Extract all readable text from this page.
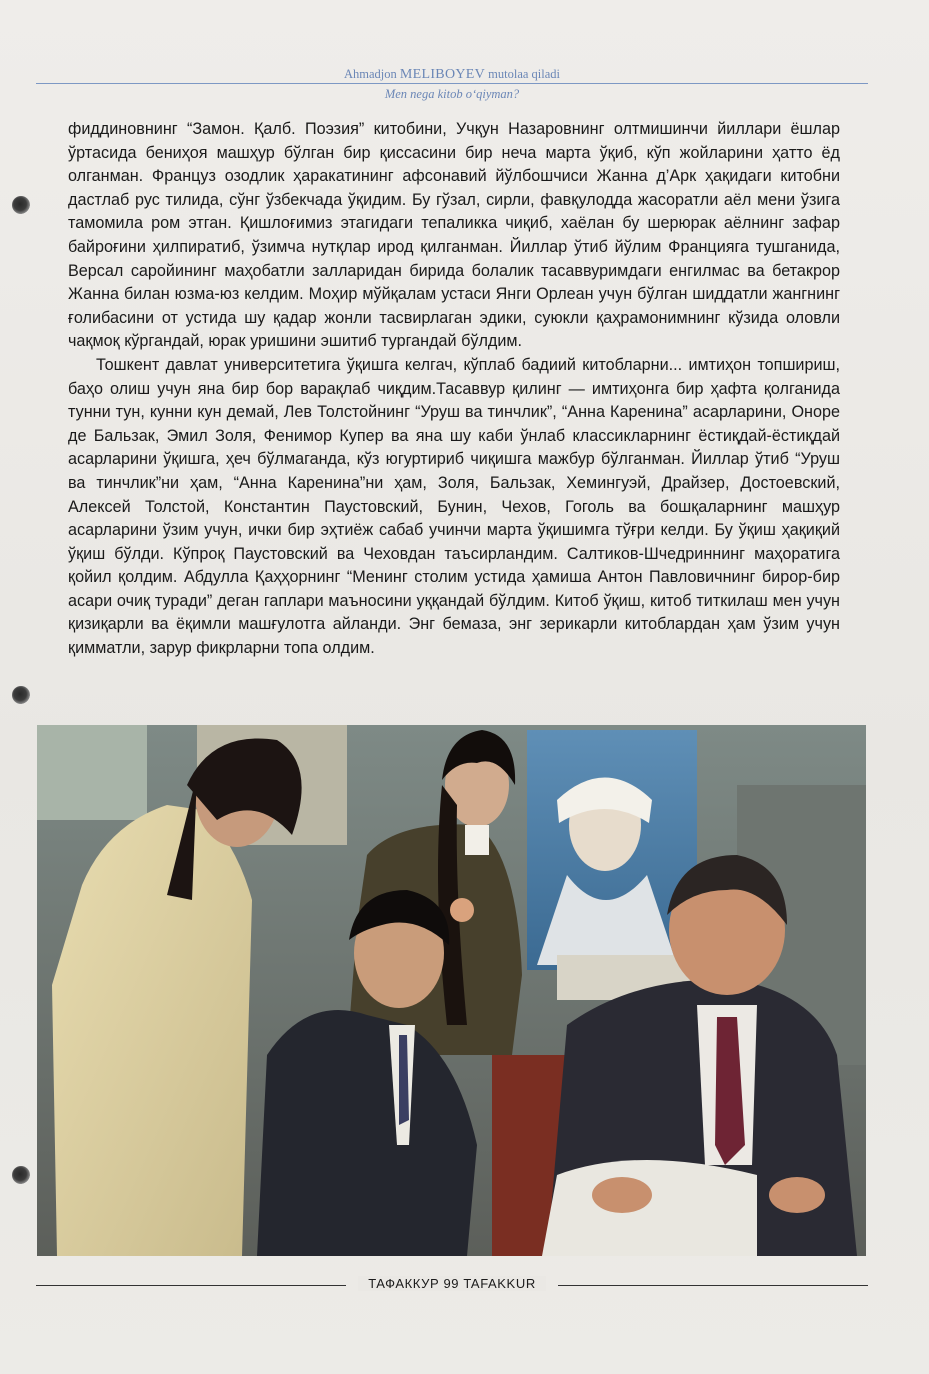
Ahmadjon MELIBOYEV mutolaa qiladi
Men nega kitob o‘qiyman?

фиддиновнинг “Замон. Қалб. Поэзия” китобини, Учқун Назаровнинг олтмишинчи йиллари ёшлар ўртасида бениҳоя машҳур бўлган бир қиссасини бир неча марта ўқиб, кўп жойларини ҳатто ёд олганман. Француз озодлик ҳаракатининг афсонавий йўлбошчиси Жанна д’Арк ҳақидаги китобни дастлаб рус тилида, сўнг ўзбекчада ўқидим. Бу гўзал, сирли, фавқулодда жасоратли аёл мени ўзига тамомила ром этган. Қишлоғимиз этагидаги тепаликка чиқиб, хаёлан бу шерюрак аёлнинг зафар байроғини ҳилпиратиб, ўзимча нутқлар ирод қилганман. Йиллар ўтиб йўлим Францияга тушганида, Версал саройининг маҳобатли залларидан бирида болалик тасаввуримдаги енгилмас ва бетакрор Жанна билан юзма-юз келдим. Моҳир мўйқалам устаси Янги Орлеан учун бўлган шиддатли жангнинг ғолибасини от устида шу қадар жонли тасвирлаган эдики, суюкли қаҳрамонимнинг кўзида оловли чақмоқ кўргандай, юрак уришини эшитиб тургандай бўлдим.

Тошкент давлат университетига ўқишга келгач, кўплаб бадиий китобларни... имтиҳон топшириш, баҳо олиш учун яна бир бор варақлаб чиқдим.Тасаввур қилинг — имтиҳонга бир ҳафта қолганида тунни тун, кунни кун демай, Лев Толстойнинг “Уруш ва тинчлик”, “Анна Каренина” асарларини, Оноре де Бальзак, Эмил Золя, Фенимор Купер ва яна шу каби ўнлаб классикларнинг ёстиқдай-ёстиқдай асарларини ўқишга, ҳеч бўлмаганда, кўз югуртириб чиқишга мажбур бўлганман. Йиллар ўтиб “Уруш ва тинчлик”ни ҳам, “Анна Каренина”ни ҳам, Золя, Бальзак, Хемингуэй, Драйзер, Достоевский, Алексей Толстой, Константин Паустовский, Бунин, Чехов, Гоголь ва бошқаларнинг машҳур асарларини ўзим учун, ички бир эҳтиёж сабаб учинчи марта ўқишимга тўғри келди. Бу ўқиш ҳақиқий ўқиш бўлди. Кўпроқ Паустовский ва Чеховдан таъсирландим. Салтиков-Шчедриннинг маҳоратига қойил қолдим. Абдулла Қаҳҳорнинг “Менинг столим устида ҳамиша Антон Павловичнинг бирор-бир асари очиқ туради” деган гаплари маъносини уққандай бўлдим. Китоб ўқиш, китоб титкилаш мен учун қизиқарли ва ёқимли машғулотга айланди. Энг бемаза, энг зерикарли китоблардан ҳам ўзим учун қимматли, зарур фикрларни топа олдим.

ТАФАККУР 99 TAFAKKUR
